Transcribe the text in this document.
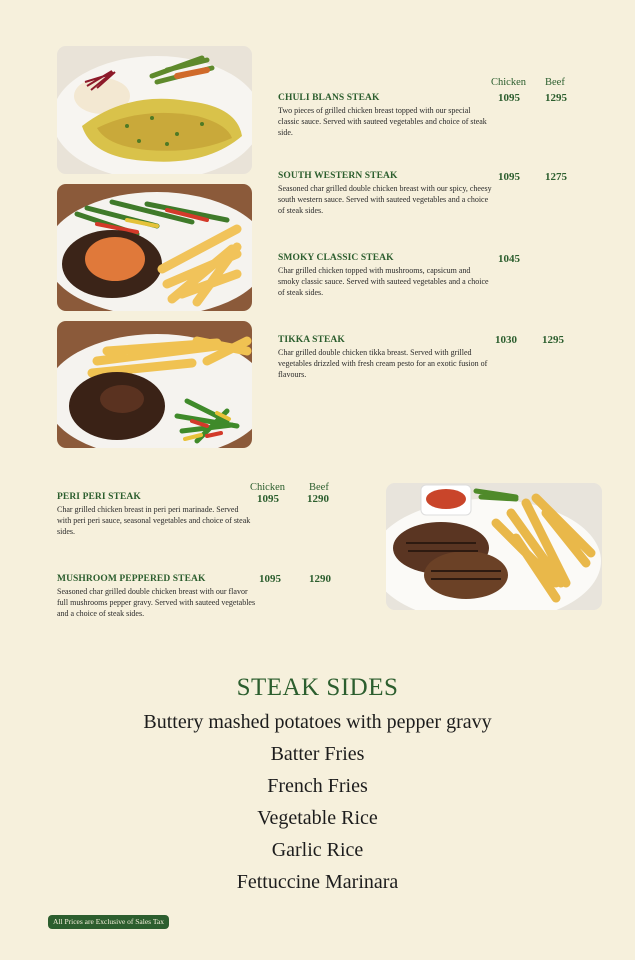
Chicken Beef
CHULI BLANS STEAK
Two pieces of grilled chicken breast topped with our special classic sauce. Served with sauteed vegetables and choice of steak side.
1095 1295
SOUTH WESTERN STEAK
Seasoned char grilled double chicken breast with our spicy, cheesy south western sauce. Served with sauteed vegetables and a choice of steak sides.
1095 1275
SMOKY CLASSIC STEAK
Char grilled chicken topped with mushrooms, capsicum and smoky classic sauce. Served with sauteed vegetables and a choice of steak sides.
1045
TIKKA STEAK
Char grilled double chicken tikka breast. Served with grilled vegetables drizzled with fresh cream pesto for an exotic fusion of flavours.
1030 1295
Chicken Beef
PERI PERI STEAK
Char grilled chicken breast in peri peri marinade. Served with peri peri sauce, seasonal vegetables and choice of steak sides.
1095	1290
MUSHROOM PEPPERED STEAK
Seasoned char grilled double chicken breast with our flavor full mushrooms pepper gravy. Served with sauteed vegetables and a choice of steak sides.
1095	1290
STEAK SIDES
Buttery mashed potatoes with pepper gravy
Batter Fries
French Fries
Vegetable Rice
Garlic Rice
Fettuccine Marinara
All Prices are Exclusive of Sales Tax
